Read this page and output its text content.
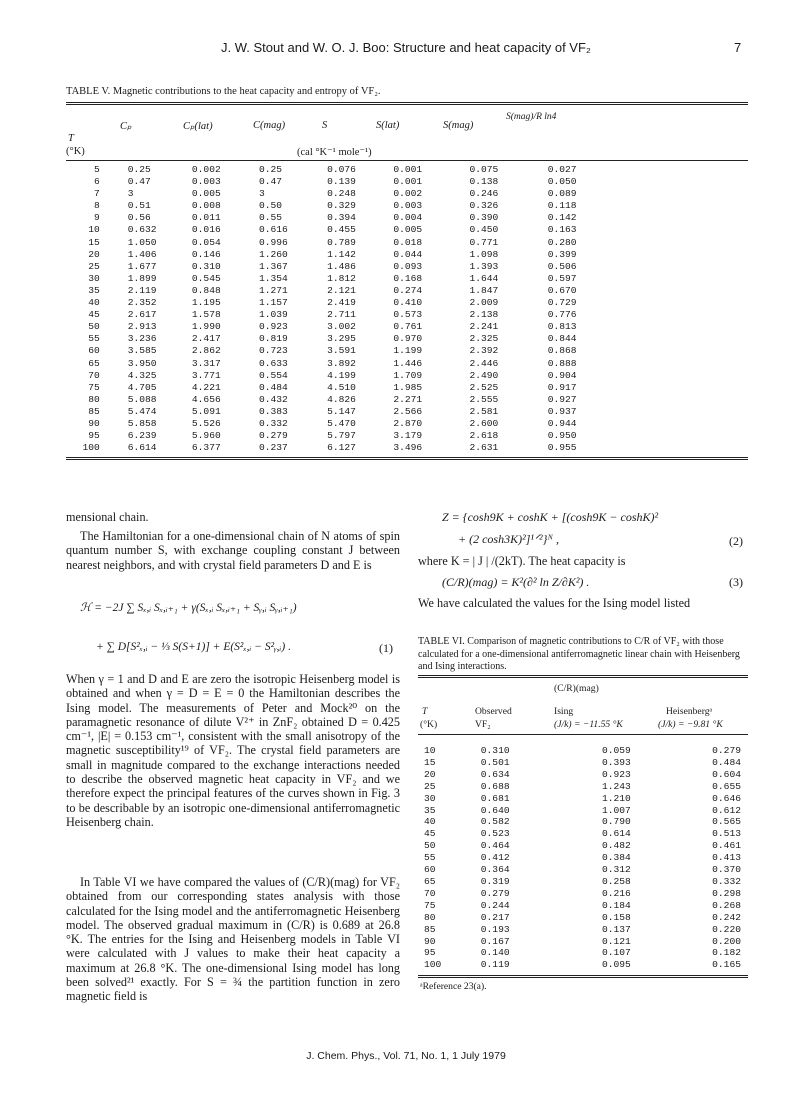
J. W. Stout and W. O. J. Boo: Structure and heat capacity of VF₂	7
TABLE V. Magnetic contributions to the heat capacity and entropy of VF₂.
Cₚ	Cₚ(lat)	C(mag)	S	S(lat)	S(mag)
S(mag)/R ln4
T
(°K)	(cal °K⁻¹ mole⁻¹)
5	0.25	0.002	0.25	0.076	0.001	0.075	0.027
6	0.47	0.003	0.47	0.139	0.001	0.138	0.050
7	3	0.005	3	0.248	0.002	0.246	0.089
8	0.51	0.008	0.50	0.329	0.003	0.326	0.118
9	0.56	0.011	0.55	0.394	0.004	0.390	0.142
10	0.632	0.016	0.616	0.455	0.005	0.450	0.163
15	1.050	0.054	0.996	0.789	0.018	0.771	0.280
20	1.406	0.146	1.260	1.142	0.044	1.098	0.399
25	1.677	0.310	1.367	1.486	0.093	1.393	0.506
30	1.899	0.545	1.354	1.812	0.168	1.644	0.597
35	2.119	0.848	1.271	2.121	0.274	1.847	0.670
40	2.352	1.195	1.157	2.419	0.410	2.009	0.729
45	2.617	1.578	1.039	2.711	0.573	2.138	0.776
50	2.913	1.990	0.923	3.002	0.761	2.241	0.813
55	3.236	2.417	0.819	3.295	0.970	2.325	0.844
60	3.585	2.862	0.723	3.591	1.199	2.392	0.868
65	3.950	3.317	0.633	3.892	1.446	2.446	0.888
70	4.325	3.771	0.554	4.199	1.709	2.490	0.904
75	4.705	4.221	0.484	4.510	1.985	2.525	0.917
80	5.088	4.656	0.432	4.826	2.271	2.555	0.927
85	5.474	5.091	0.383	5.147	2.566	2.581	0.937
90	5.858	5.526	0.332	5.470	2.870	2.600	0.944
95	6.239	5.960	0.279	5.797	3.179	2.618	0.950
100	6.614	6.377	0.237	6.127	3.496	2.631	0.955
mensional chain.
The Hamiltonian for a one-dimensional chain of N atoms of spin quantum number S, with exchange coupling constant J between nearest neighbors, and with crystal field parameters D and E is
ℋ = −2J ∑ Sₓ,ᵢ Sₓ,ᵢ₊₁ + γ(Sₓ,ᵢ Sₓ,ᵢ₊₁ + Sᵧ,ᵢ Sᵧ,ᵢ₊₁)
+ ∑ D[S²ₓ,ᵢ − ⅓ S(S+1)] + E(S²ₓ,ᵢ − S²ᵧ,ᵢ) .	(1)
When γ = 1 and D and E are zero the isotropic Heisenberg model is obtained and when γ = D = E = 0 the Hamiltonian describes the Ising model. The measurements of Peter and Mock²⁰ on the paramagnetic resonance of dilute V²⁺ in ZnF₂ obtained D = 0.425 cm⁻¹, |E| = 0.153 cm⁻¹, consistent with the small anisotropy of the magnetic susceptibility¹⁹ of VF₂. The crystal field parameters are small in magnitude compared to the exchange interactions needed to describe the observed magnetic heat capacity in VF₂ and we therefore expect the principal features of the curves shown in Fig. 3 to be describable by an isotropic one-dimensional antiferromagnetic Heisenberg chain.
In Table VI we have compared the values of (C/R)(mag) for VF₂ obtained from our corresponding states analysis with those calculated for the Ising model and the antiferromagnetic Heisenberg model. The observed gradual maximum in (C/R) is 0.689 at 26.8 °K. The entries for the Ising and Heisenberg models in Table VI were calculated with J values to make their heat capacity a maximum at 26.8 °K. The one-dimensional Ising model has long been solved²¹ exactly. For S = ¾ the partition function in zero magnetic field is
Z = {cosh9K + coshK + [(cosh9K − coshK)²
+ (2 cosh3K)²]¹ᐟ²}ᴺ ,	(2)
where K = | J | /(2kT). The heat capacity is
(C/R)(mag) = K²(∂² ln Z/∂K²) .	(3)
We have calculated the values for the Ising model listed
TABLE VI. Comparison of magnetic contributions to C/R of VF₂ with those calculated for a one-dimensional antiferromagnetic linear chain with Heisenberg and Ising interactions.
(C/R)(mag)
T
(°K)
Observed
VF₂
Ising
(J/k) = −11.55 °K
Heisenbergᵃ
(J/k) = −9.81 °K
10	0.310	0.059	0.279
15	0.501	0.393	0.484
20	0.634	0.923	0.604
25	0.688	1.243	0.655
30	0.681	1.210	0.646
35	0.640	1.007	0.612
40	0.582	0.790	0.565
45	0.523	0.614	0.513
50	0.464	0.482	0.461
55	0.412	0.384	0.413
60	0.364	0.312	0.370
65	0.319	0.258	0.332
70	0.279	0.216	0.298
75	0.244	0.184	0.268
80	0.217	0.158	0.242
85	0.193	0.137	0.220
90	0.167	0.121	0.200
95	0.140	0.107	0.182
100	0.119	0.095	0.165
ᵃReference 23(a).
J. Chem. Phys., Vol. 71, No. 1, 1 July 1979
